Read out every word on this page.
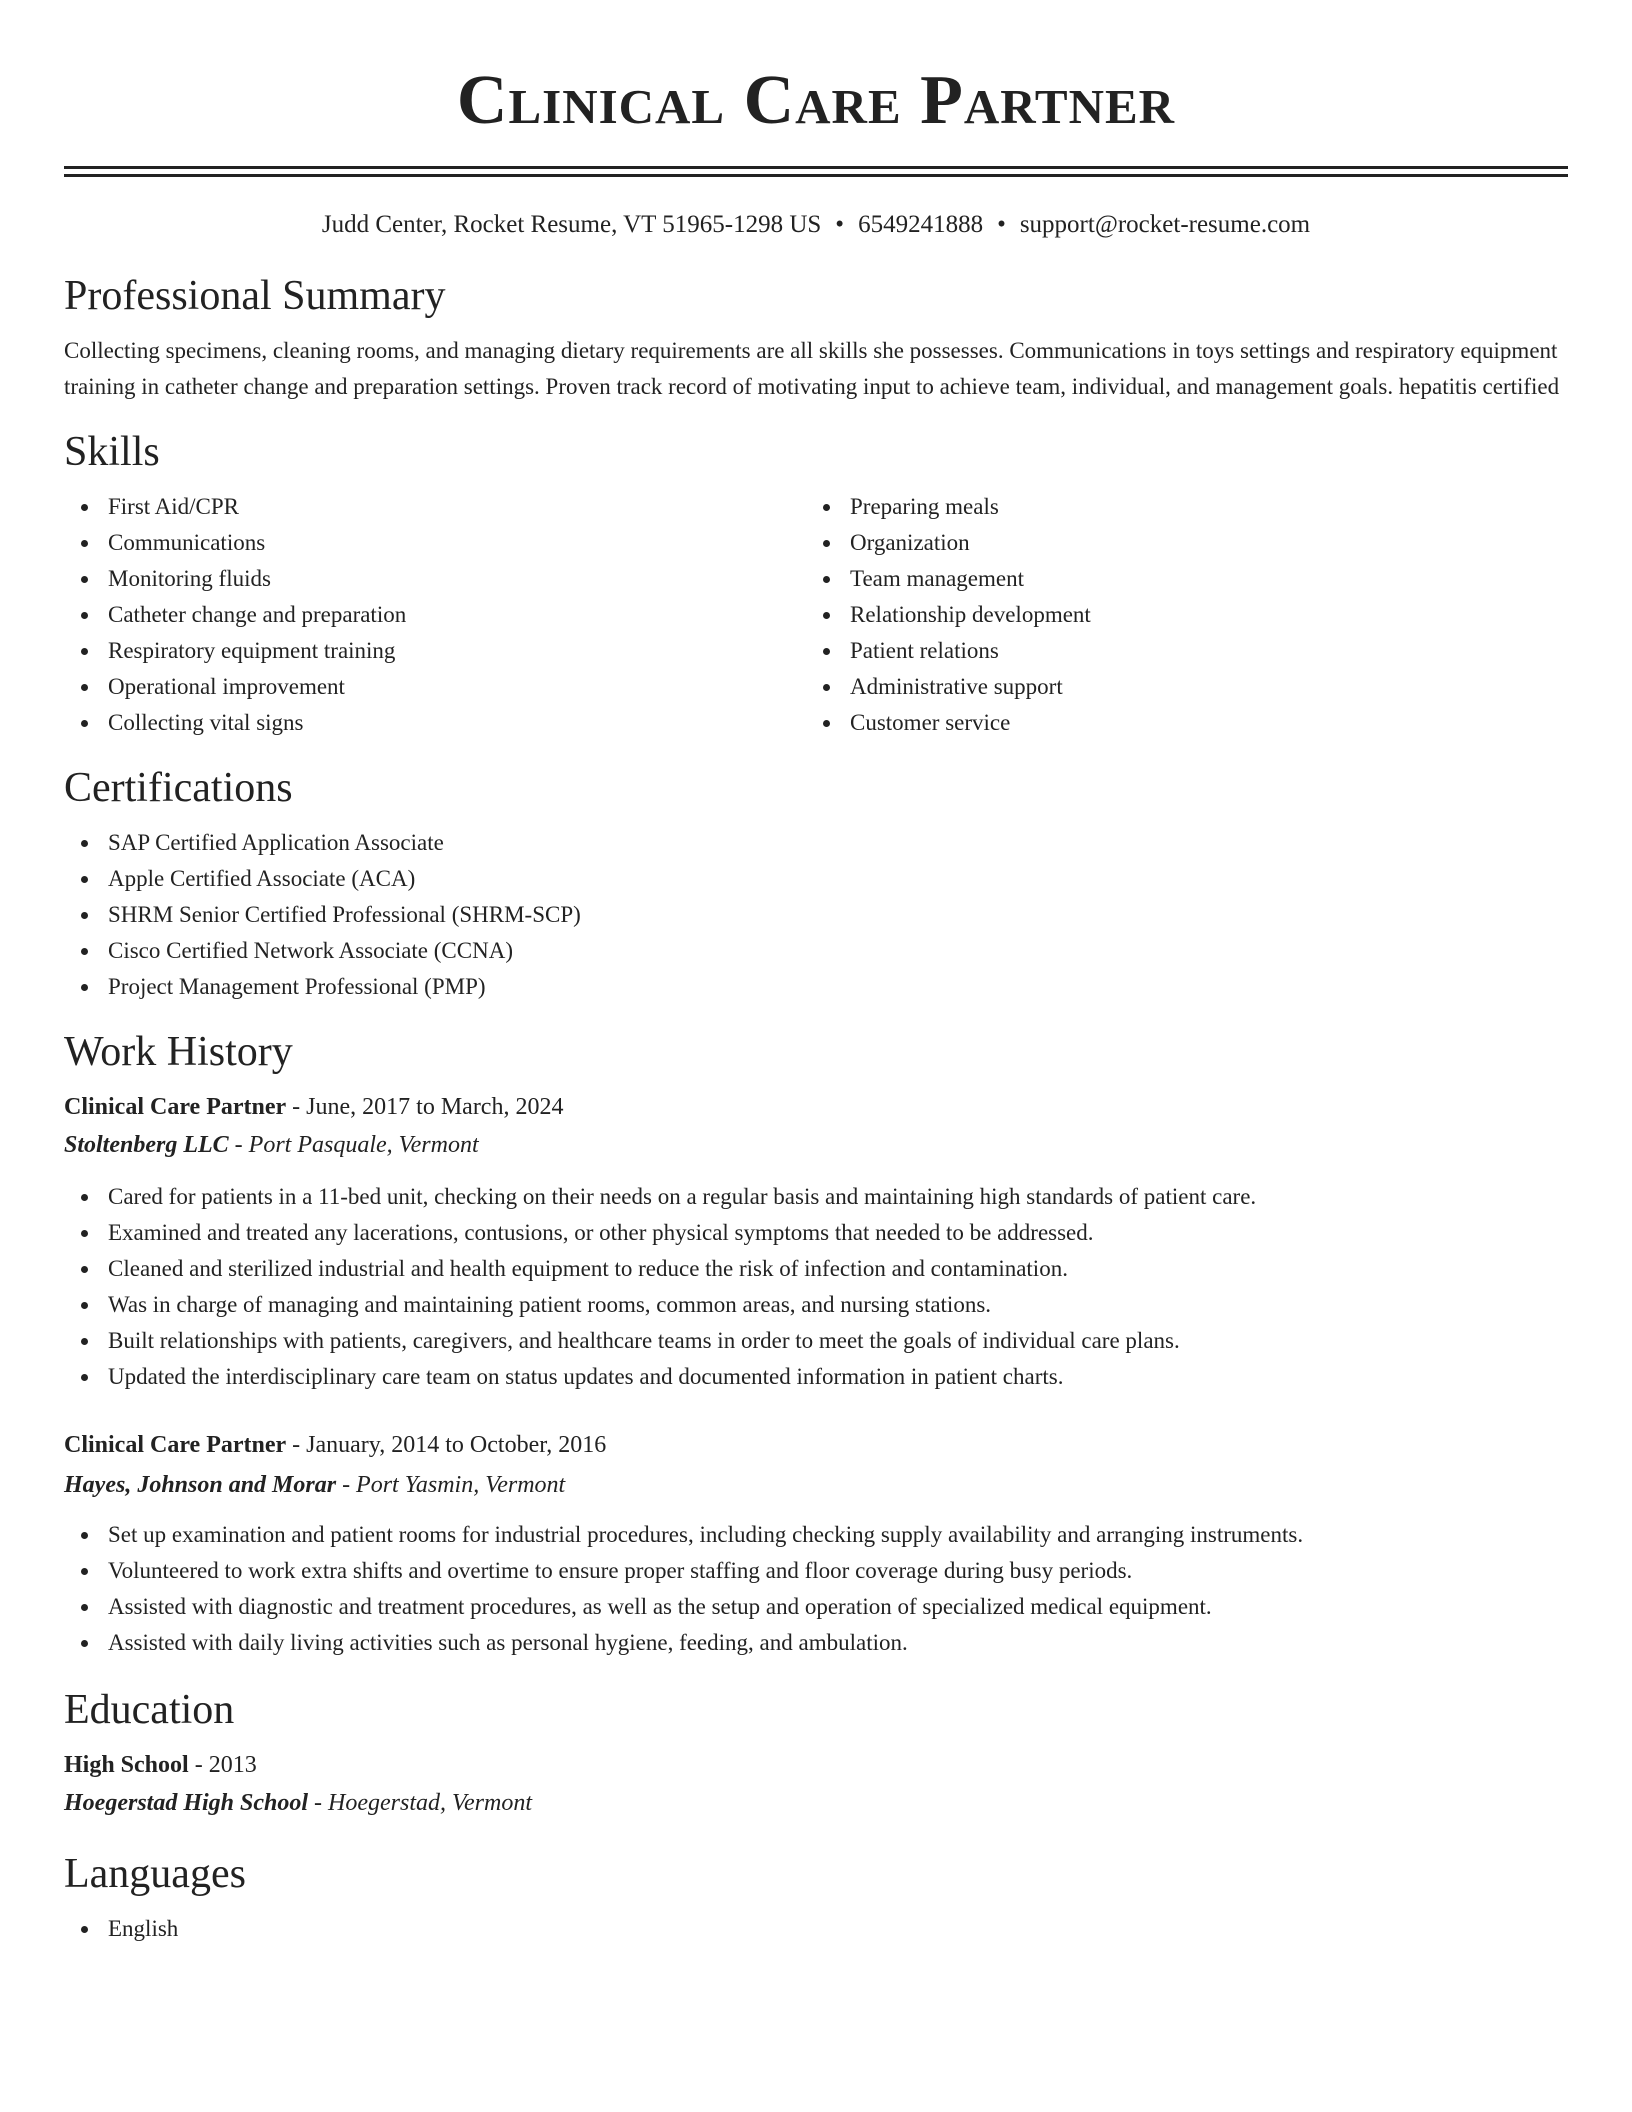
Clinical Care Partner
Judd Center, Rocket Resume, VT 51965-1298 US • 6549241888 • support@rocket-resume.com
Professional Summary
Collecting specimens, cleaning rooms, and managing dietary requirements are all skills she possesses. Communications in toys settings and respiratory equipment training in catheter change and preparation settings. Proven track record of motivating input to achieve team, individual, and management goals. hepatitis certified
Skills
First Aid/CPR
Communications
Monitoring fluids
Catheter change and preparation
Respiratory equipment training
Operational improvement
Collecting vital signs
Preparing meals
Organization
Team management
Relationship development
Patient relations
Administrative support
Customer service
Certifications
SAP Certified Application Associate
Apple Certified Associate (ACA)
SHRM Senior Certified Professional (SHRM-SCP)
Cisco Certified Network Associate (CCNA)
Project Management Professional (PMP)
Work History
Clinical Care Partner - June, 2017 to March, 2024
Stoltenberg LLC - Port Pasquale, Vermont
Cared for patients in a 11-bed unit, checking on their needs on a regular basis and maintaining high standards of patient care.
Examined and treated any lacerations, contusions, or other physical symptoms that needed to be addressed.
Cleaned and sterilized industrial and health equipment to reduce the risk of infection and contamination.
Was in charge of managing and maintaining patient rooms, common areas, and nursing stations.
Built relationships with patients, caregivers, and healthcare teams in order to meet the goals of individual care plans.
Updated the interdisciplinary care team on status updates and documented information in patient charts.
Clinical Care Partner - January, 2014 to October, 2016
Hayes, Johnson and Morar - Port Yasmin, Vermont
Set up examination and patient rooms for industrial procedures, including checking supply availability and arranging instruments.
Volunteered to work extra shifts and overtime to ensure proper staffing and floor coverage during busy periods.
Assisted with diagnostic and treatment procedures, as well as the setup and operation of specialized medical equipment.
Assisted with daily living activities such as personal hygiene, feeding, and ambulation.
Education
High School - 2013
Hoegerstad High School - Hoegerstad, Vermont
Languages
English
